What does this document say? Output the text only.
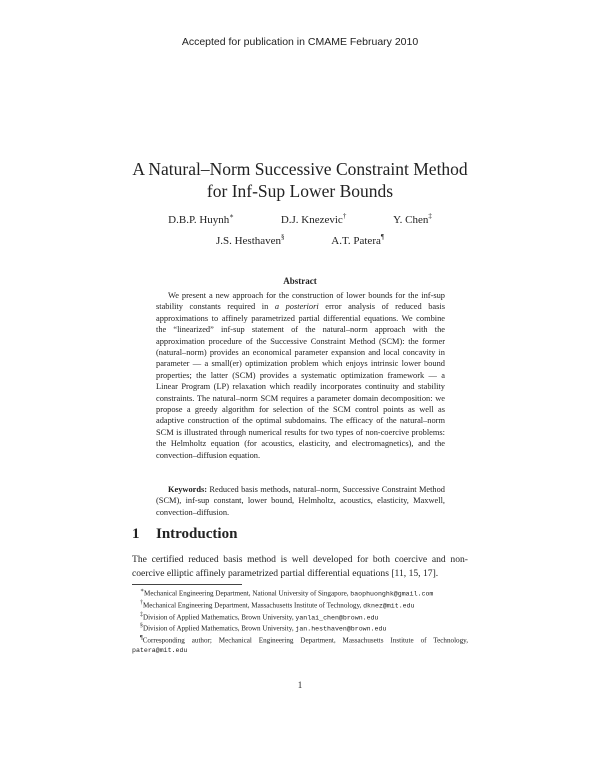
Accepted for publication in CMAME February 2010
A Natural–Norm Successive Constraint Method
for Inf-Sup Lower Bounds
D.B.P. Huynh∗	D.J. Knezevic†	Y. Chen‡
J.S. Hesthaven§	A.T. Patera¶
Abstract
We present a new approach for the construction of lower bounds for the inf-sup stability constants required in a posteriori error analysis of reduced basis approximations to affinely parametrized partial differential equations. We combine the “linearized” inf-sup statement of the natural–norm approach with the approximation procedure of the Successive Constraint Method (SCM): the former (natural–norm) provides an economical parameter expansion and local concavity in parameter — a small(er) optimization problem which enjoys intrinsic lower bound properties; the latter (SCM) provides a systematic optimization framework — a Linear Program (LP) relaxation which readily incorporates continuity and stability constraints. The natural–norm SCM requires a parameter domain decomposition: we propose a greedy algorithm for selection of the SCM control points as well as adaptive construction of the optimal subdomains. The efficacy of the natural–norm SCM is illustrated through numerical results for two types of non-coercive problems: the Helmholtz equation (for acoustics, elasticity, and electromagnetics), and the convection–diffusion equation.
Keywords: Reduced basis methods, natural–norm, Successive Constraint Method (SCM), inf-sup constant, lower bound, Helmholtz, acoustics, elasticity, Maxwell, convection–diffusion.
1 Introduction
The certified reduced basis method is well developed for both coercive and non-coercive elliptic affinely parametrized partial differential equations [11, 15, 17].
∗Mechanical Engineering Department, National University of Singapore, baophuonghk@gmail.com
†Mechanical Engineering Department, Massachusetts Institute of Technology, dknez@mit.edu
‡Division of Applied Mathematics, Brown University, yanlai_chen@brown.edu
§Division of Applied Mathematics, Brown University, jan.hesthaven@brown.edu
¶Corresponding author; Mechanical Engineering Department, Massachusetts Institute of Technology, patera@mit.edu
1
